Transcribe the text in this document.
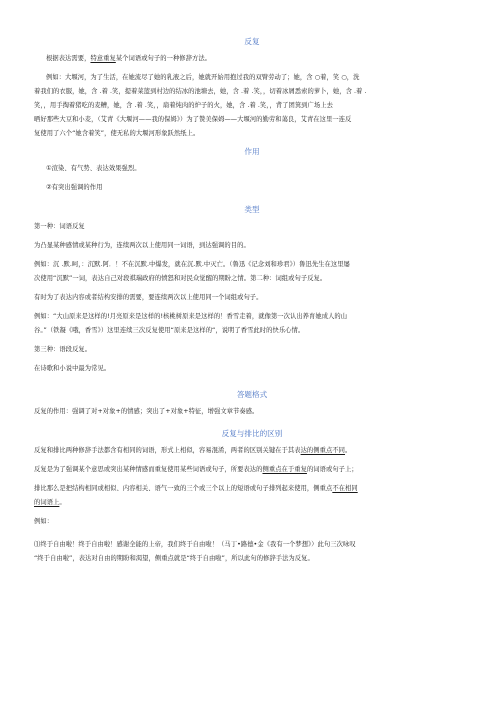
反复

根据表达需要，特意重复某个词语或句子的一种修辞方法。

例如：大堰河，为了生活，在她流尽了她的乳液之后，她就开始用抱过我的双臂劳动了；她，含 ○着，笑 ○，洗

着我们的衣服，她，含 .着 .笑，提着菜篮到村边的结冰的池塘去，她，含 .着 .笑，，切着冰屑悉索的萝卜，她，含 .着 .

笑，，用手掏着猪吃的麦糟，她，含 .着 .笑，，扇着炖肉的炉子的火，她，含 .着 .笑，，背了团箕到广场上去

晒好那些大豆和小麦，（艾青《大堰河——我的保姆》）为了赞美保姆——大堰河的勤劳和蔼良，艾青在这里一连反

复使用了六个“她含着笑”，使无私的大堰河形象跃然纸上。

作用

①渲染、有气势、表达效果强烈。

②有突出强调的作用

类型

第一种：词语反复

为凸显某种感情或某种行为，连续两次以上使用同一词语，到达强调的目的。

例如：沉 .默.呵，：沉默.阿．！不在沉默.中爆发，就在沉.默.中灭亡。（鲁迅《记念刘和珍君》）鲁迅先生在这里屡

次使用“沉默”一词，表达自己对段祺瑞政府的愤怒和对民众觉醒的期盼之情。第二种：词组或句子反复。

有时为了表达内容或者结构安排的需要，要连续两次以上使用同一个词组或句子。

例如：“大山原来是这样的!月亮原来是这样的!核桃树原来是这样的！香雪走着，就像第一次认出养育她成人的山

谷。”（铁凝《哦，香雪》）这里连续三次反复使用“原来是这样的“，说明了香雪此时的快乐心情。

第三种：语段反复。

在诗歌和小说中最为常见。

答题格式

反复的作用：强调了对+对象+的情感；突出了+对象+特征，增强文章节奏感。

反复与排比的区别

反复和排比两种修辞手法都含有相同的词语，形式上相似，容易混淆，两者的区别关键在于其表达的侧重点不同。

反复是为了强调某个意思或突出某种情感而重复使用某些词语或句子，所要表达的侧重点在于重复的词语或句子上；

排比那么是把结构相同或相似、内容相关、语气一致的三个或三个以上的短语或句子排列起来使用，侧重点不在相同

的词语上。

例如：

⑴终于自由啦！终于自由啦！感谢全能的上帝，我们终于自由啦！（马丁•路德•金《我有一个梦想》）此句三次咏叹

“终于自由啦”，表达对自由的期盼和渴望，侧重点就是“终于自由啦”，所以此句的修辞手法为反复。
